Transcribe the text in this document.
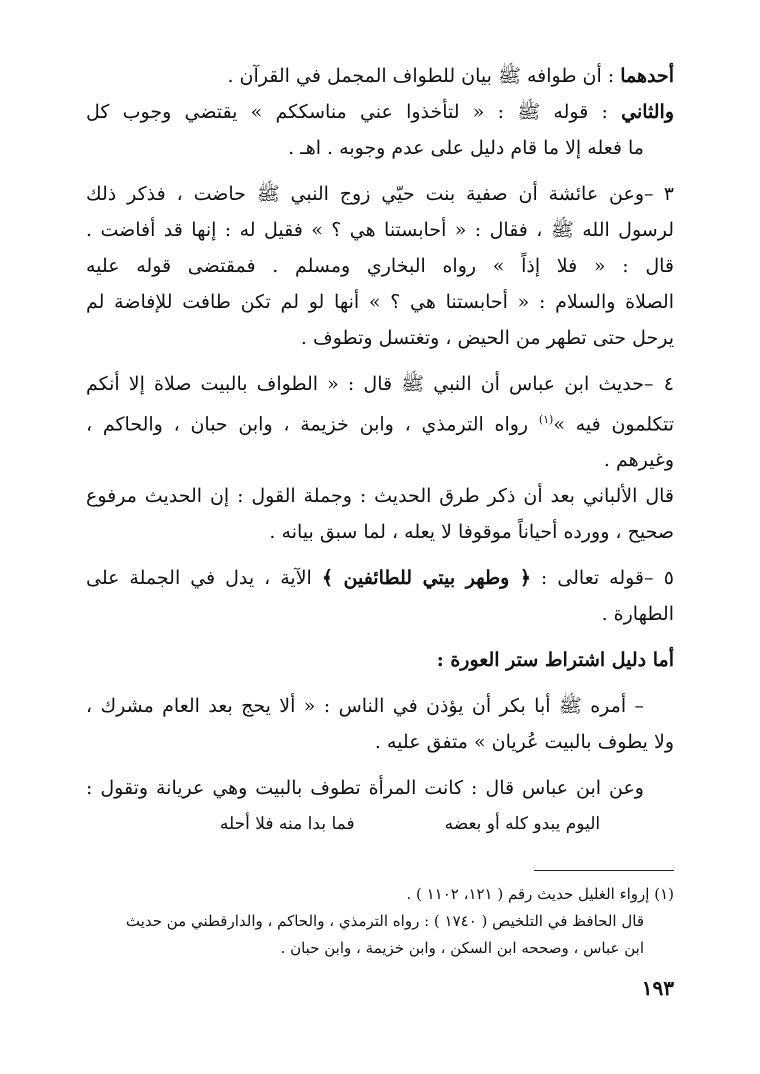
أحدهما : أن طوافه ﷺ بيان للطواف المجمل في القرآن .
والثاني : قوله ﷺ : « لتأخذوا عني مناسككم » يقتضي وجوب كل
ما فعله إلا ما قام دليل على عدم وجوبه . اهـ .
٣ –وعن عائشة أن صفية بنت حيّي زوج النبي ﷺ حاضت ، فذكر ذلك
لرسول الله ﷺ ، فقال : « أحابستنا هي ؟ » فقيل له : إنها قد أفاضت .
قال : « فلا إذاً » رواه البخاري ومسلم . فمقتضى قوله عليه
الصلاة والسلام : « أحابستنا هي ؟ » أنها لو لم تكن طافت للإفاضة لم
يرحل حتى تطهر من الحيض ، وتغتسل وتطوف .
٤ –حديث ابن عباس أن النبي ﷺ قال : « الطواف بالبيت صلاة إلا أنكم
تتكلمون فيه »$^{(١)}$ رواه الترمذي ، وابن خزيمة ، وابن حبان ، والحاكم ،
وغيرهم .
قال الألباني بعد أن ذكر طرق الحديث : وجملة القول : إن الحديث مرفوع
صحيح ، وورده أحياناً موقوفا لا يعله ، لما سبق بيانه .
٥ –قوله تعالى : ﴿ وطهر بيتي للطائفين ﴾ الآية ، يدل في الجملة على
الطهارة .
أما دليل اشتراط ستر العورة :
– أمره ﷺ أبا بكر أن يؤذن في الناس : « ألا يحج بعد العام مشرك ،
ولا يطوف بالبيت عُريان » متفق عليه .
وعن ابن عباس قال : كانت المرأة تطوف بالبيت وهي عريانة وتقول :
اليوم يبدو كله أو بعضه
فما بدا منه فلا أحله
(١) إرواء الغليل حديث رقم ( ١٢١، ١١٠٢ ) .
قال الحافظ في التلخيص ( ١٧٤٠ ) : رواه الترمذي ، والحاكم ، والدارقطني من حديث
ابن عباس ، وصححه ابن السكن ، وابن خزيمة ، وابن حبان .
١٩٣
